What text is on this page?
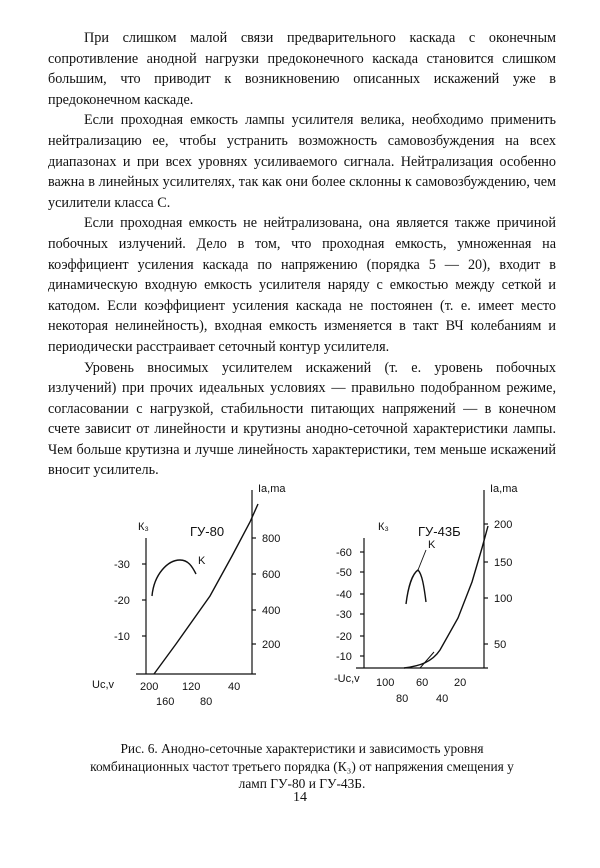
При слишком малой связи предварительного каскада с оконечным сопротивление анодной нагрузки предоконечного каскада становится слишком большим, что приводит к возникновению описанных искажений уже в предоконечном каскаде.

Если проходная емкость лампы усилителя велика, необходимо применить нейтрализацию ее, чтобы устранить возможность самовозбуждения на всех диапазонах и при всех уровнях усиливаемого сигнала. Нейтрализация особенно важна в линейных усилителях, так как они более склонны к самовозбуждению, чем усилители класса С.

Если проходная емкость не нейтрализована, она является также причиной побочных излучений. Дело в том, что проходная емкость, умноженная на коэффициент усиления каскада по напряжению (порядка 5 — 20), входит в динамическую входную емкость усилителя наряду с емкостью между сеткой и катодом. Если коэффициент усиления каскада не постоянен (т. е. имеет место некоторая нелинейность), входная емкость изменяется в такт ВЧ колебаниям и периодически расстраивает сеточный контур усилителя.

Уровень вносимых усилителем искажений (т. е. уровень побочных излучений) при прочих идеальных условиях — правильно подобранном режиме, согласовании с нагрузкой, стабильности питающих напряжений — в конечном счете зависит от линейности и крутизны анодно-сеточной характеристики лампы. Чем больше крутизна и лучше линейность характеристики, тем меньше искажений вносит усилитель.

ГУ-80
К₃
Ia,ma
K
-30
-20
-10
800
600
400
200
Uc,v 200 120	40
160 80
ГУ-43Б
К₃
Ia,ma
K
-60
-50
-40
-30
-20
-10
200
150
100
50
-Uc,v 100 60 20
80	40
Рис. 6. Анодно-сеточные характеристики и зависимость уровня
комбинационных частот третьего порядка (К₃) от напряжения смещения у
ламп ГУ-80 и ГУ-43Б.
14
